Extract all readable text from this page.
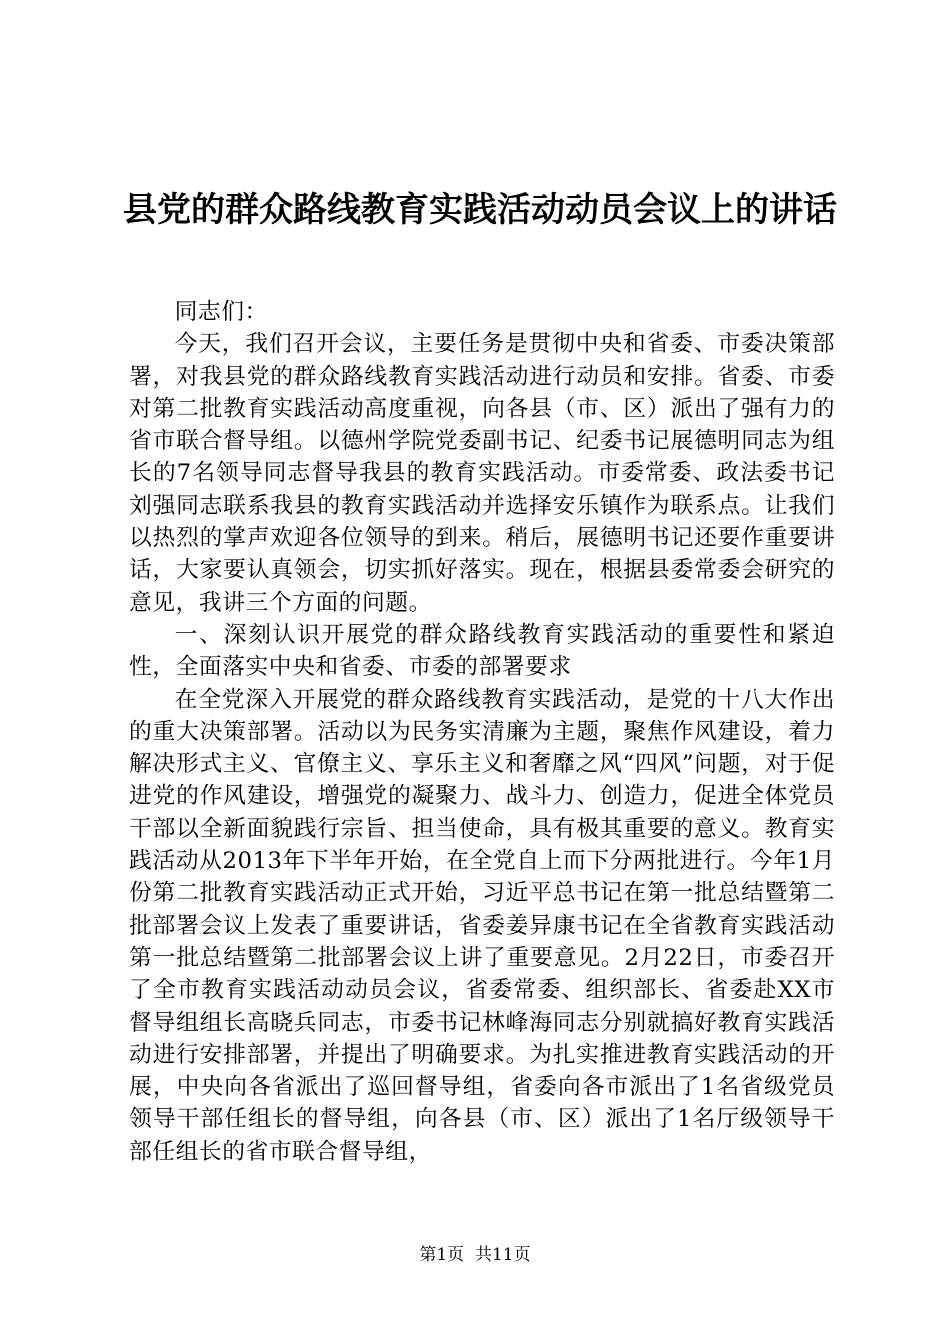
县党的群众路线教育实践活动动员会议上的讲话

同志们：

今天，我们召开会议，主要任务是贯彻中央和省委、市委决策部署，对我县党的群众路线教育实践活动进行动员和安排。省委、市委对第二批教育实践活动高度重视，向各县（市、区）派出了强有力的省市联合督导组。以德州学院党委副书记、纪委书记展德明同志为组长的7名领导同志督导我县的教育实践活动。市委常委、政法委书记刘强同志联系我县的教育实践活动并选择安乐镇作为联系点。让我们以热烈的掌声欢迎各位领导的到来。稍后，展德明书记还要作重要讲话，大家要认真领会，切实抓好落实。现在，根据县委常委会研究的意见，我讲三个方面的问题。

一、深刻认识开展党的群众路线教育实践活动的重要性和紧迫性，全面落实中央和省委、市委的部署要求

在全党深入开展党的群众路线教育实践活动，是党的十八大作出的重大决策部署。活动以为民务实清廉为主题，聚焦作风建设，着力解决形式主义、官僚主义、享乐主义和奢靡之风“四风”问题，对于促进党的作风建设，增强党的凝聚力、战斗力、创造力，促进全体党员干部以全新面貌践行宗旨、担当使命，具有极其重要的意义。教育实践活动从2013年下半年开始，在全党自上而下分两批进行。今年1月份第二批教育实践活动正式开始，习近平总书记在第一批总结暨第二批部署会议上发表了重要讲话，省委姜异康书记在全省教育实践活动第一批总结暨第二批部署会议上讲了重要意见。2月22日，市委召开了全市教育实践活动动员会议，省委常委、组织部长、省委赴XX市督导组组长高晓兵同志，市委书记林峰海同志分别就搞好教育实践活动进行安排部署，并提出了明确要求。为扎实推进教育实践活动的开展，中央向各省派出了巡回督导组，省委向各市派出了1名省级党员领导干部任组长的督导组，向各县（市、区）派出了1名厅级领导干部任组长的省市联合督导组，

第1页  共11页
